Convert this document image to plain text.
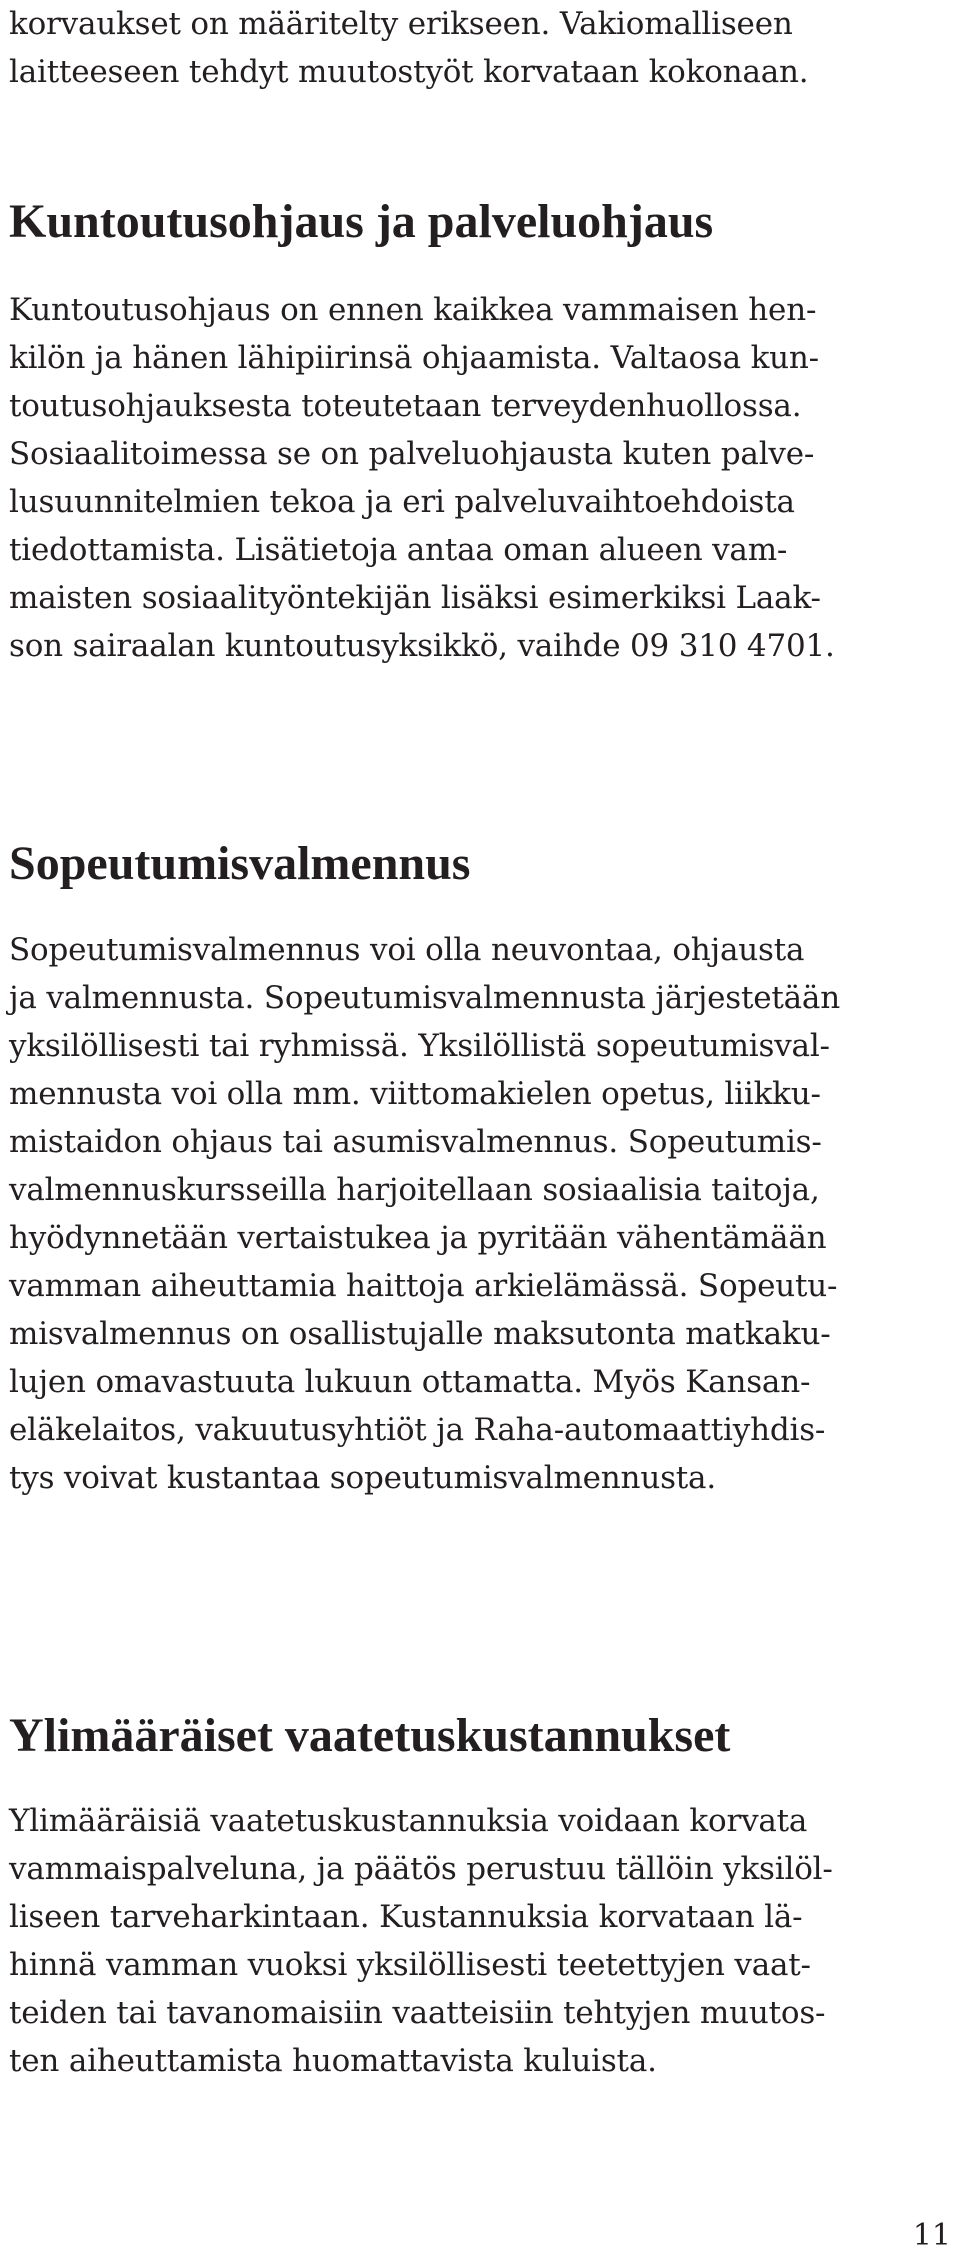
korvaukset on määritelty erikseen. Vakiomalliseen

laitteeseen tehdyt muutostyöt korvataan kokonaan.

Kuntoutusohjaus ja palveluohjaus

Kuntoutusohjaus on ennen kaikkea vammaisen hen-

kilön ja hänen lähipiirinsä ohjaamista. Valtaosa kun-

toutusohjauksesta toteutetaan terveydenhuollossa.

Sosiaalitoimessa se on palveluohjausta kuten palve-

lusuunnitelmien tekoa ja eri palveluvaihtoehdoista

tiedottamista. Lisätietoja antaa oman alueen vam-

maisten sosiaalityöntekijän lisäksi esimerkiksi Laak-

son sairaalan kuntoutusyksikkö, vaihde 09 310 4701.

Sopeutumisvalmennus

Sopeutumisvalmennus voi olla neuvontaa, ohjausta

ja valmennusta. Sopeutumisvalmennusta järjestetään

yksilöllisesti tai ryhmissä. Yksilöllistä sopeutumisval-

mennusta voi olla mm. viittomakielen opetus, liikku-

mistaidon ohjaus tai asumisvalmennus. Sopeutumis-

valmennuskursseilla harjoitellaan sosiaalisia taitoja,

hyödynnetään vertaistukea ja pyritään vähentämään

vamman aiheuttamia haittoja arkielämässä. Sopeutu-

misvalmennus on osallistujalle maksutonta matkaku-

lujen omavastuuta lukuun ottamatta. Myös Kansan-

eläkelaitos, vakuutusyhtiöt ja Raha-automaattiyhdis-

tys voivat kustantaa sopeutumisvalmennusta.

Ylimääräiset vaatetuskustannukset

Ylimääräisiä vaatetuskustannuksia voidaan korvata

vammaispalveluna, ja päätös perustuu tällöin yksilöl-

liseen tarveharkintaan. Kustannuksia korvataan lä-

hinnä vamman vuoksi yksilöllisesti teetettyjen vaat-

teiden tai tavanomaisiin vaatteisiin tehtyjen muutos-

ten aiheuttamista huomattavista kuluista.

11
